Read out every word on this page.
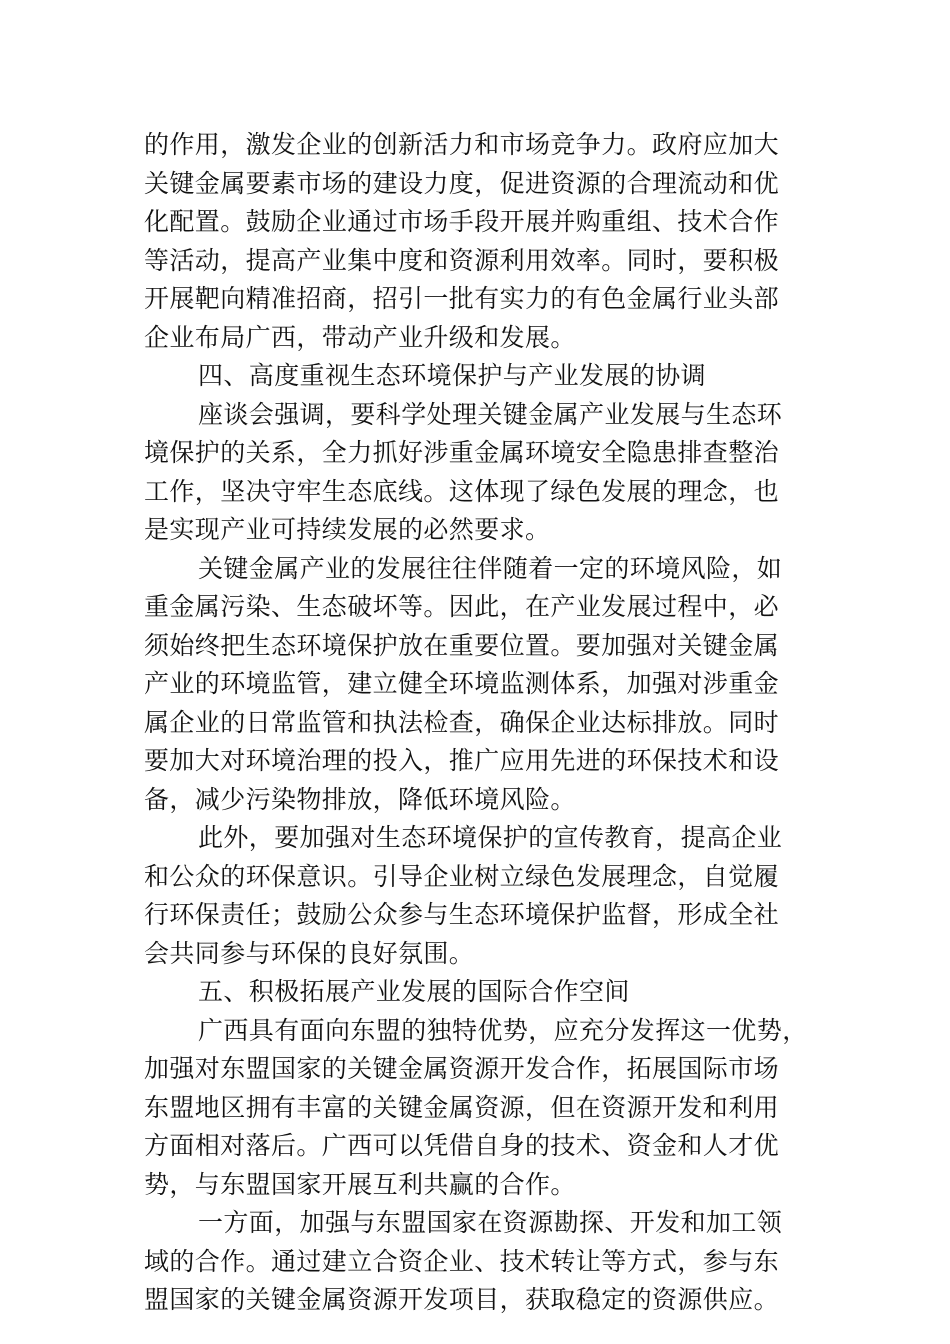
的作用，激发企业的创新活力和市场竞争力。政府应加大
关键金属要素市场的建设力度，促进资源的合理流动和优
化配置。鼓励企业通过市场手段开展并购重组、技术合作
等活动，提高产业集中度和资源利用效率。同时，要积极
开展靶向精准招商，招引一批有实力的有色金属行业头部
企业布局广西，带动产业升级和发展。
四、高度重视生态环境保护与产业发展的协调
座谈会强调，要科学处理关键金属产业发展与生态环
境保护的关系，全力抓好涉重金属环境安全隐患排查整治
工作，坚决守牢生态底线。这体现了绿色发展的理念，也
是实现产业可持续发展的必然要求。
关键金属产业的发展往往伴随着一定的环境风险，如
重金属污染、生态破坏等。因此，在产业发展过程中，必
须始终把生态环境保护放在重要位置。要加强对关键金属
产业的环境监管，建立健全环境监测体系，加强对涉重金
属企业的日常监管和执法检查，确保企业达标排放。同时
要加大对环境治理的投入，推广应用先进的环保技术和设
备，减少污染物排放，降低环境风险。
此外，要加强对生态环境保护的宣传教育，提高企业
和公众的环保意识。引导企业树立绿色发展理念，自觉履
行环保责任；鼓励公众参与生态环境保护监督，形成全社
会共同参与环保的良好氛围。
五、积极拓展产业发展的国际合作空间
广西具有面向东盟的独特优势，应充分发挥这一优势，
加强对东盟国家的关键金属资源开发合作，拓展国际市场
东盟地区拥有丰富的关键金属资源，但在资源开发和利用
方面相对落后。广西可以凭借自身的技术、资金和人才优
势，与东盟国家开展互利共赢的合作。
一方面，加强与东盟国家在资源勘探、开发和加工领
域的合作。通过建立合资企业、技术转让等方式，参与东
盟国家的关键金属资源开发项目，获取稳定的资源供应。
